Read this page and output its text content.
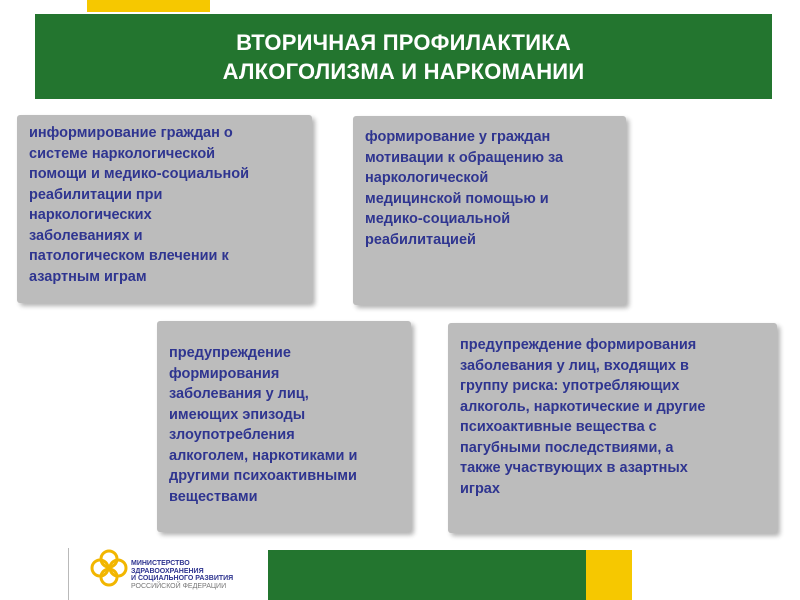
ВТОРИЧНАЯ ПРОФИЛАКТИКА
АЛКОГОЛИЗМА И НАРКОМАНИИ
информирование граждан о
системе наркологической
помощи и медико-социальной
реабилитации при
наркологических
заболеваниях и
патологическом влечении к
азартным играм
формирование у граждан
мотивации к обращению за
наркологической
медицинской помощью и
медико-социальной
реабилитацией
предупреждение
формирования
заболевания у лиц,
имеющих эпизоды
злоупотребления
алкоголем, наркотиками и
другими психоактивными
веществами
предупреждение формирования
заболевания у лиц, входящих в
группу риска: употребляющих
алкоголь, наркотические и другие
психоактивные вещества с
пагубными последствиями, а
также участвующих в азартных
играх
МИНИСТЕРСТВО
ЗДРАВООХРАНЕНИЯ
И СОЦИАЛЬНОГО РАЗВИТИЯ
РОССИЙСКОЙ ФЕДЕРАЦИИ
